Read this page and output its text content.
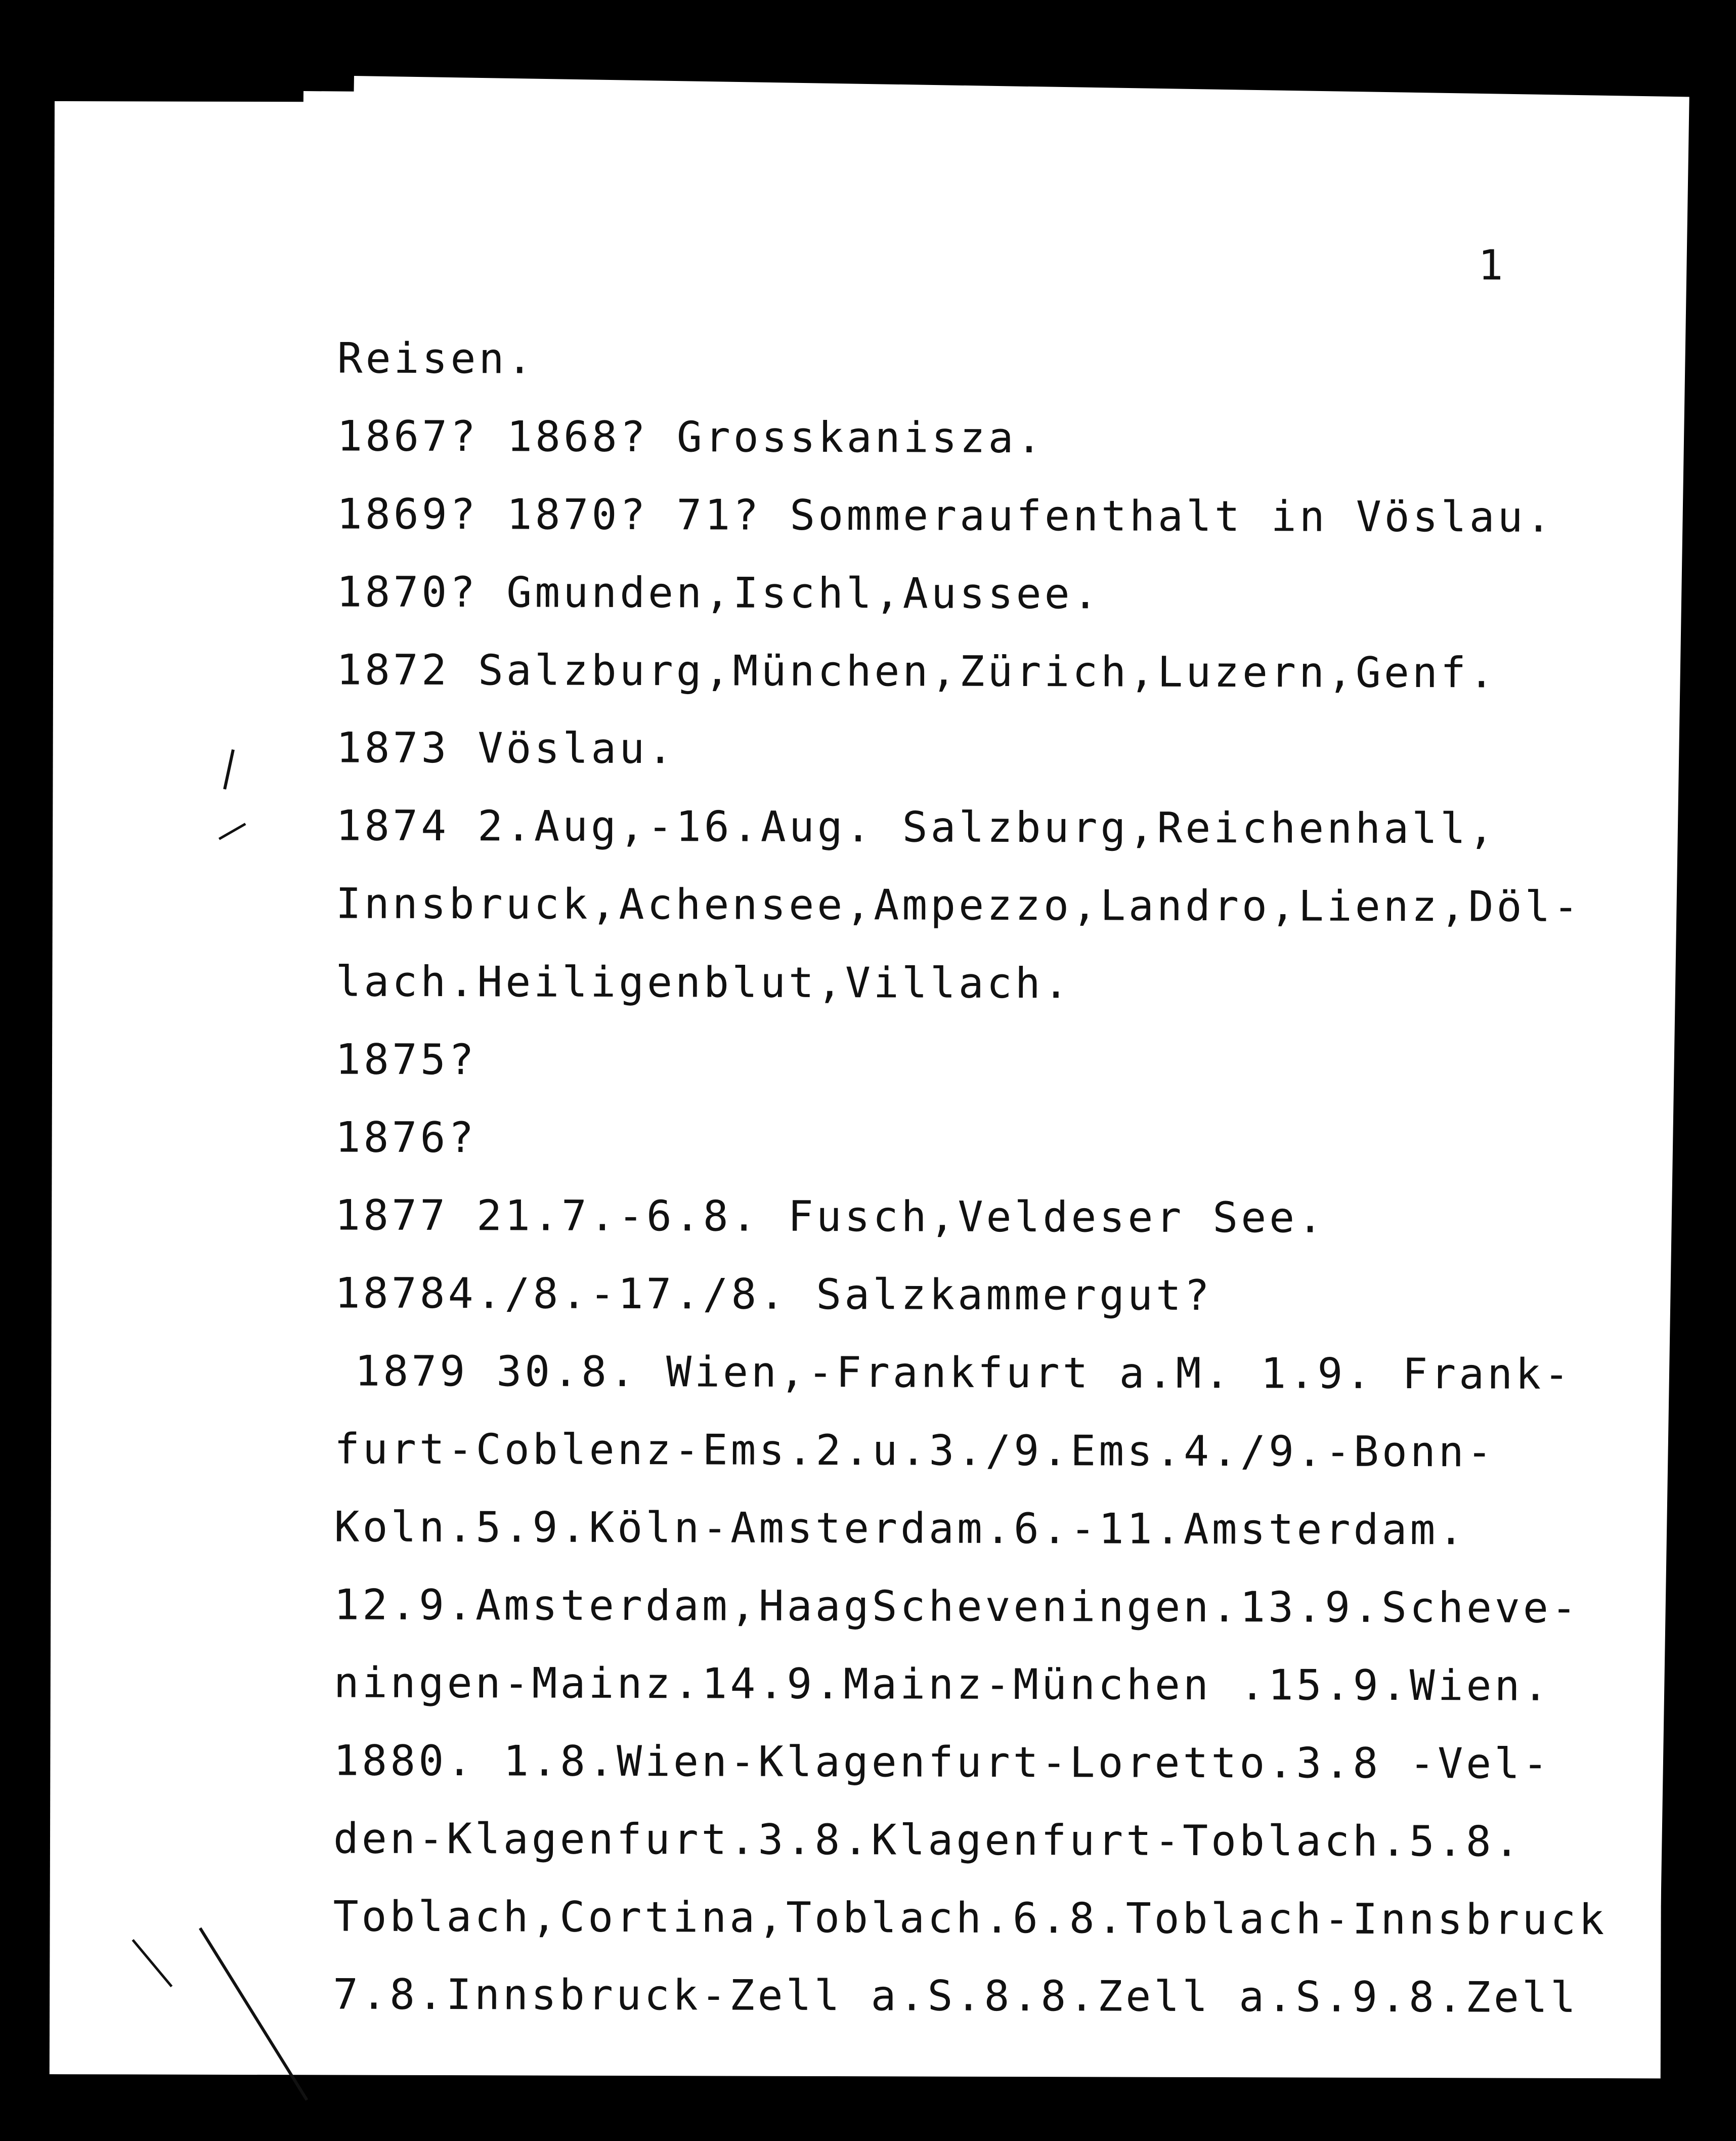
1
Reisen.
1867? 1868? Grosskanisza.
1869? 1870? 71? Sommeraufenthalt in Vöslau.
1870? Gmunden,Ischl,Aussee.
1872 Salzburg,München,Zürich,Luzern,Genf.
1873 Vöslau.
1874 2.Aug,-16.Aug. Salzburg,Reichenhall,
Innsbruck,Achensee,Ampezzo,Landro,Lienz,Döl-
lach.Heiligenblut,Villach.
1875?
1876?
1877 21.7.-6.8. Fusch,Veldeser See.
18784./8.-17./8. Salzkammergut?
1879 30.8. Wien,-Frankfurt a.M. 1.9. Frank-
furt-Coblenz-Ems.2.u.3./9.Ems.4./9.-Bonn-
Koln.5.9.Köln-Amsterdam.6.-11.Amsterdam.
12.9.Amsterdam,HaagScheveningen.13.9.Scheve-
ningen-Mainz.14.9.Mainz-München .15.9.Wien.
1880. 1.8.Wien-Klagenfurt-Loretto.3.8 -Vel-
den-Klagenfurt.3.8.Klagenfurt-Toblach.5.8.
Toblach,Cortina,Toblach.6.8.Toblach-Innsbruck
7.8.Innsbruck-Zell a.S.8.8.Zell a.S.9.8.Zell
